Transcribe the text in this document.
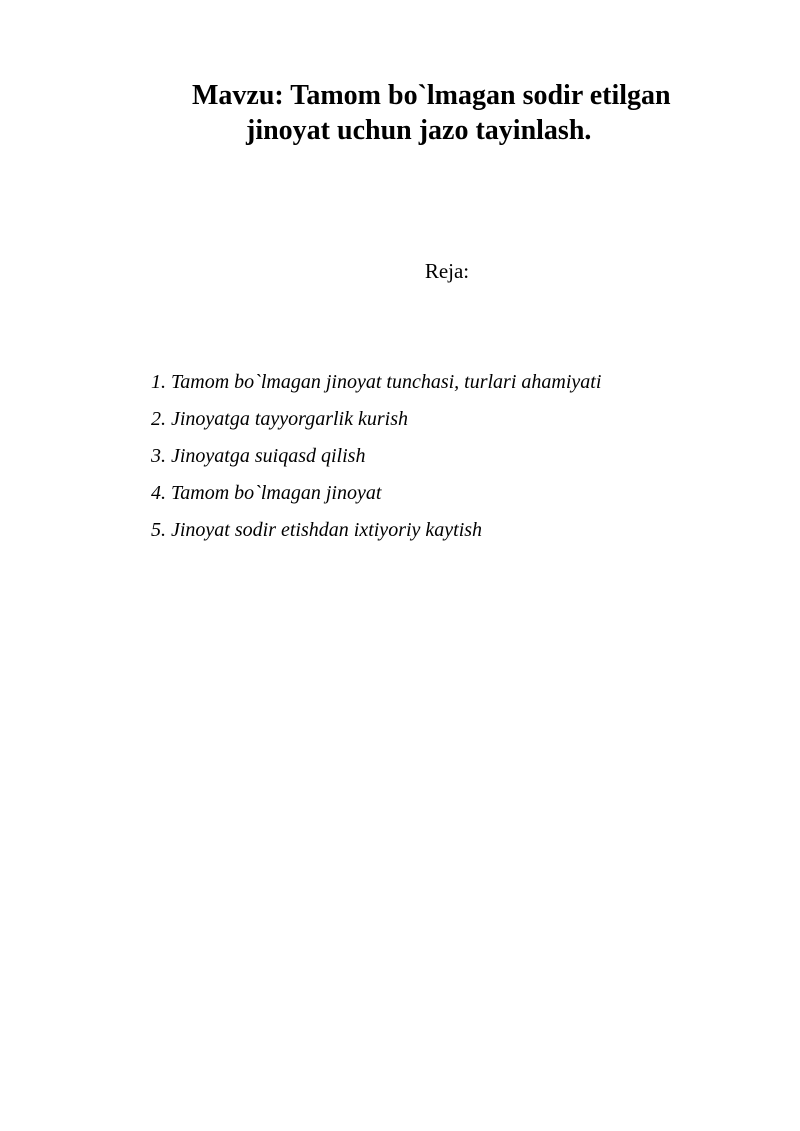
Mavzu: Tamom bo`lmagan sodir etilgan
jinoyat uchun jazo tayinlash.
Reja:
1. Tamom bo`lmagan jinoyat tunchasi, turlari ahamiyati
2. Jinoyatga tayyorgarlik kurish
3. Jinoyatga suiqasd qilish
4. Tamom bo`lmagan jinoyat
5. Jinoyat sodir etishdan ixtiyoriy kaytish
